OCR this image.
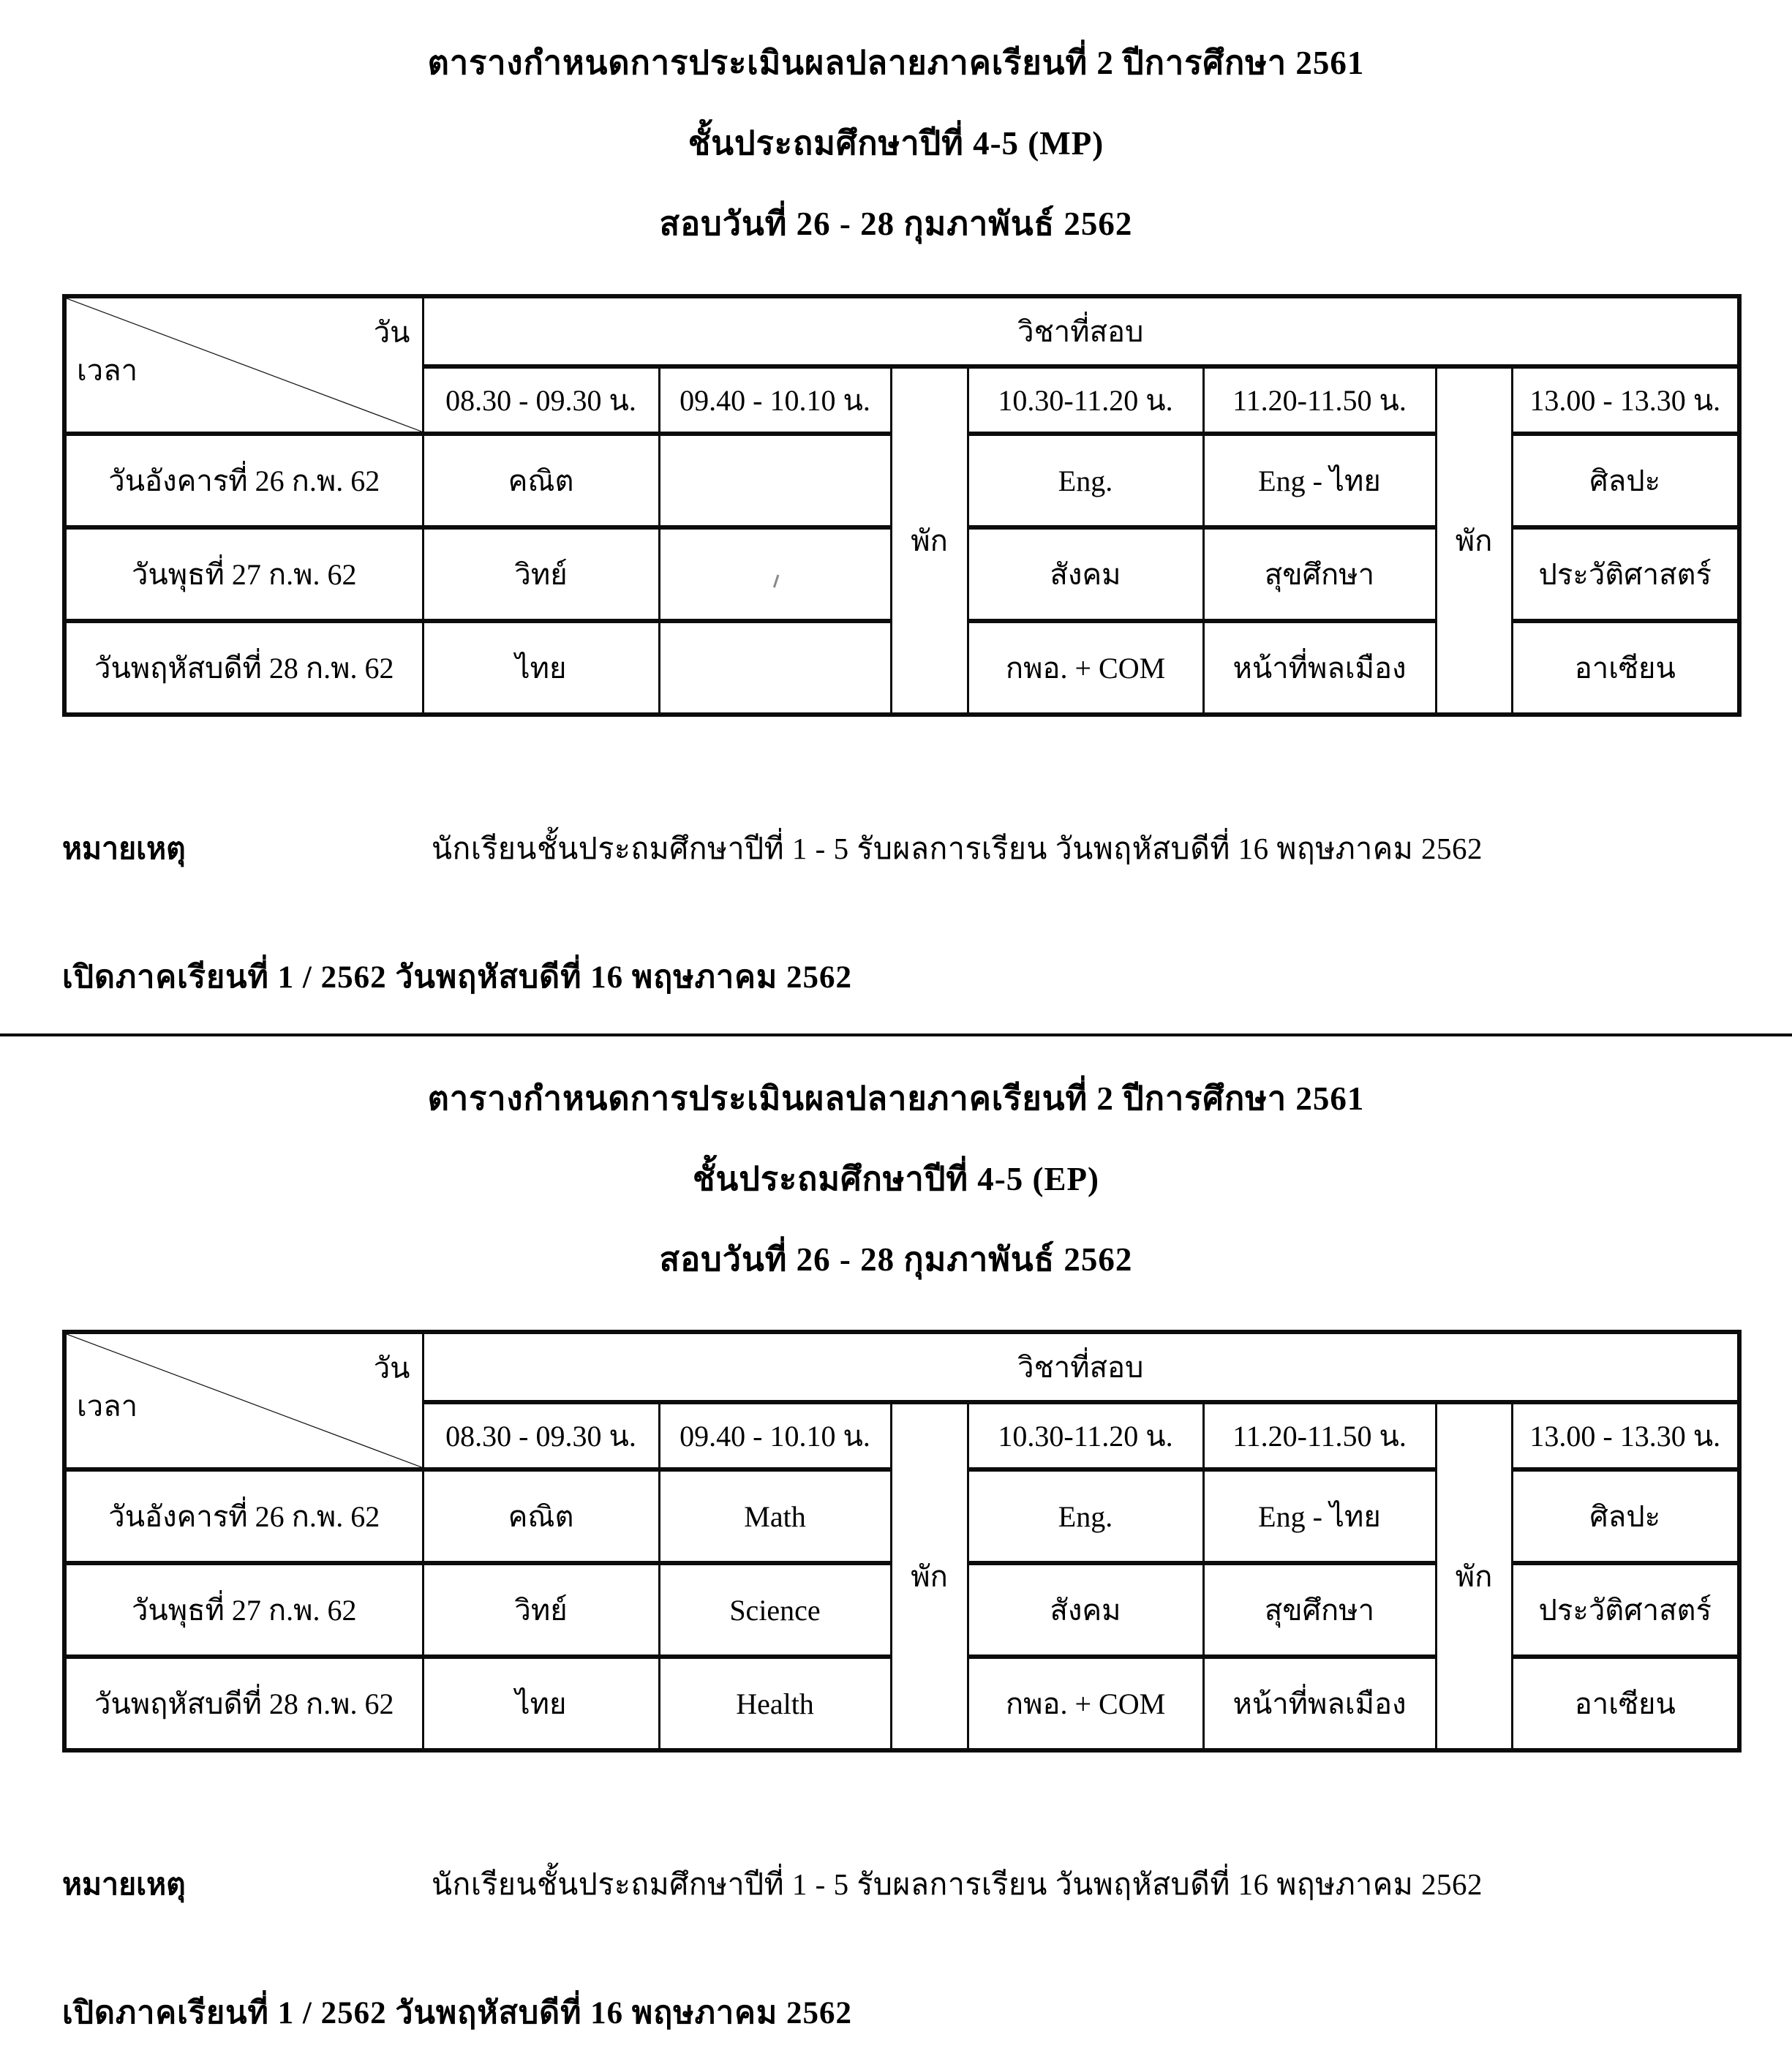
ตารางกำหนดการประเมินผลปลายภาคเรียนที่ 2 ปีการศึกษา 2561
ชั้นประถมศึกษาปีที่ 4-5 (MP)
สอบวันที่ 26 - 28 กุมภาพันธ์ 2562
วัน
เวลา	วิชาที่สอบ						
	08.30 - 09.30 น.	09.40 - 10.10 น.	พัก	10.30-11.20 น.	11.20-11.50 น.	พัก	13.00 - 13.30 น.
วันอังคารที่ 26 ก.พ. 62	คณิต			Eng.	Eng - ไทย		ศิลปะ
วันพุธที่ 27 ก.พ. 62	วิทย์			สังคม	สุขศึกษา		ประวัติศาสตร์
วันพฤหัสบดีที่ 28 ก.พ. 62	ไทย			กพอ. + COM	หน้าที่พลเมือง		อาเซียน
หมายเหตุ	นักเรียนชั้นประถมศึกษาปีที่ 1 - 5 รับผลการเรียน วันพฤหัสบดีที่ 16 พฤษภาคม 2562
เปิดภาคเรียนที่ 1 / 2562 วันพฤหัสบดีที่ 16 พฤษภาคม 2562
ตารางกำหนดการประเมินผลปลายภาคเรียนที่ 2 ปีการศึกษา 2561
ชั้นประถมศึกษาปีที่ 4-5 (EP)
สอบวันที่ 26 - 28 กุมภาพันธ์ 2562
วัน
เวลา	วิชาที่สอบ						
	08.30 - 09.30 น.	09.40 - 10.10 น.	พัก	10.30-11.20 น.	11.20-11.50 น.	พัก	13.00 - 13.30 น.
วันอังคารที่ 26 ก.พ. 62	คณิต	Math		Eng.	Eng - ไทย		ศิลปะ
วันพุธที่ 27 ก.พ. 62	วิทย์	Science		สังคม	สุขศึกษา		ประวัติศาสตร์
วันพฤหัสบดีที่ 28 ก.พ. 62	ไทย	Health		กพอ. + COM	หน้าที่พลเมือง		อาเซียน
หมายเหตุ	นักเรียนชั้นประถมศึกษาปีที่ 1 - 5 รับผลการเรียน วันพฤหัสบดีที่ 16 พฤษภาคม 2562
เปิดภาคเรียนที่ 1 / 2562 วันพฤหัสบดีที่ 16 พฤษภาคม 2562
